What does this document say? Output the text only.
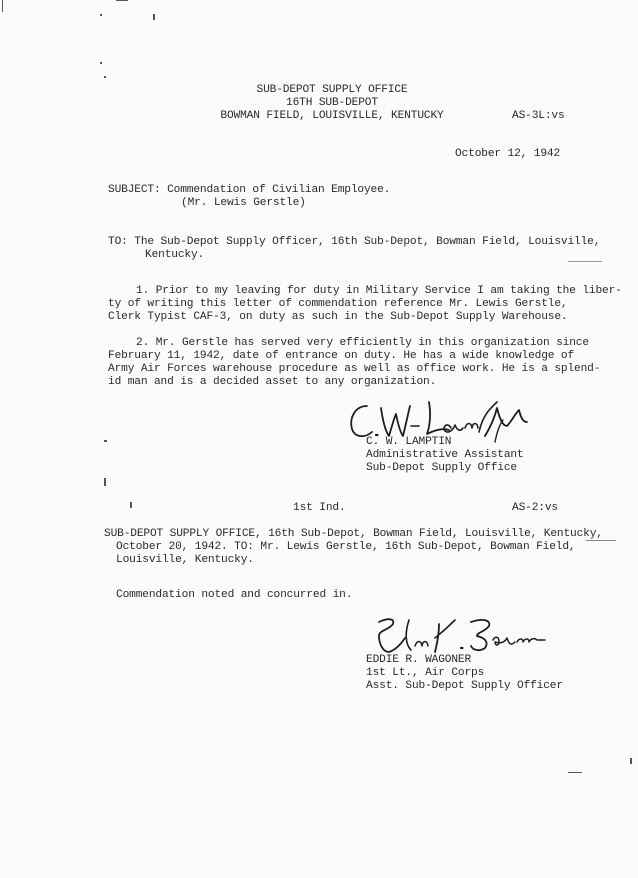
SUB-DEPOT SUPPLY OFFICE
16TH SUB-DEPOT
BOWMAN FIELD, LOUISVILLE, KENTUCKY	AS-3L:vs
October 12, 1942
SUBJECT: Commendation of Civilian Employee.
(Mr. Lewis Gerstle)
TO: The Sub-Depot Supply Officer, 16th Sub-Depot, Bowman Field, Louisville,
Kentucky.
1. Prior to my leaving for duty in Military Service I am taking the liber-
ty of writing this letter of commendation reference Mr. Lewis Gerstle,
Clerk Typist CAF-3, on duty as such in the Sub-Depot Supply Warehouse.
2. Mr. Gerstle has served very efficiently in this organization since
February 11, 1942, date of entrance on duty. He has a wide knowledge of
Army Air Forces warehouse procedure as well as office work. He is a splend-
id man and is a decided asset to any organization.
C. W. LAMPTIN
Administrative Assistant
Sub-Depot Supply Office
1st Ind.	AS-2:vs
SUB-DEPOT SUPPLY OFFICE, 16th Sub-Depot, Bowman Field, Louisville, Kentucky,
October 20, 1942. TO: Mr. Lewis Gerstle, 16th Sub-Depot, Bowman Field,
Louisville, Kentucky.
Commendation noted and concurred in.
EDDIE R. WAGONER
1st Lt., Air Corps
Asst. Sub-Depot Supply Officer
